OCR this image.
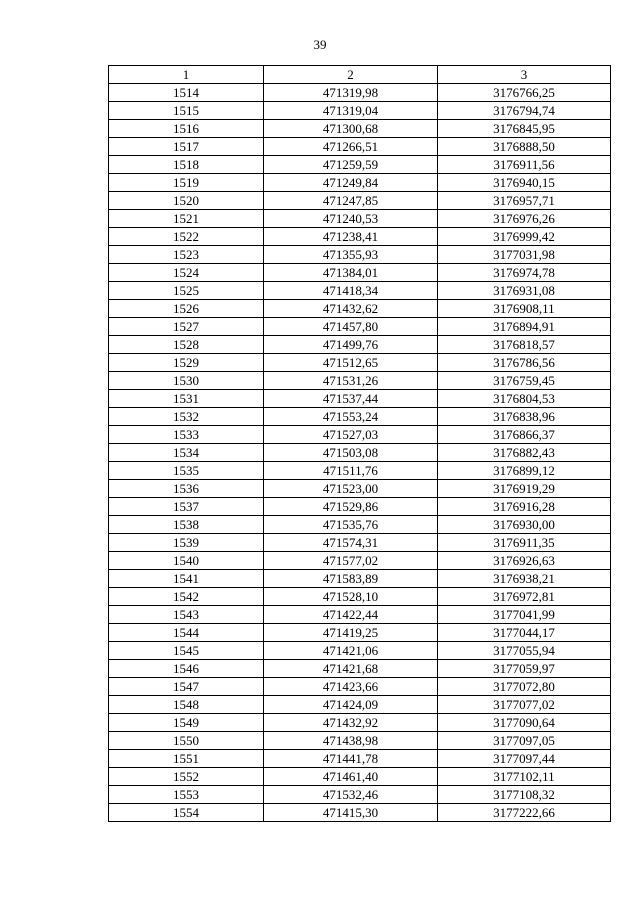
39
1	2	3
1514	471319,98	3176766,25
1515	471319,04	3176794,74
1516	471300,68	3176845,95
1517	471266,51	3176888,50
1518	471259,59	3176911,56
1519	471249,84	3176940,15
1520	471247,85	3176957,71
1521	471240,53	3176976,26
1522	471238,41	3176999,42
1523	471355,93	3177031,98
1524	471384,01	3176974,78
1525	471418,34	3176931,08
1526	471432,62	3176908,11
1527	471457,80	3176894,91
1528	471499,76	3176818,57
1529	471512,65	3176786,56
1530	471531,26	3176759,45
1531	471537,44	3176804,53
1532	471553,24	3176838,96
1533	471527,03	3176866,37
1534	471503,08	3176882,43
1535	471511,76	3176899,12
1536	471523,00	3176919,29
1537	471529,86	3176916,28
1538	471535,76	3176930,00
1539	471574,31	3176911,35
1540	471577,02	3176926,63
1541	471583,89	3176938,21
1542	471528,10	3176972,81
1543	471422,44	3177041,99
1544	471419,25	3177044,17
1545	471421,06	3177055,94
1546	471421,68	3177059,97
1547	471423,66	3177072,80
1548	471424,09	3177077,02
1549	471432,92	3177090,64
1550	471438,98	3177097,05
1551	471441,78	3177097,44
1552	471461,40	3177102,11
1553	471532,46	3177108,32
1554	471415,30	3177222,66
